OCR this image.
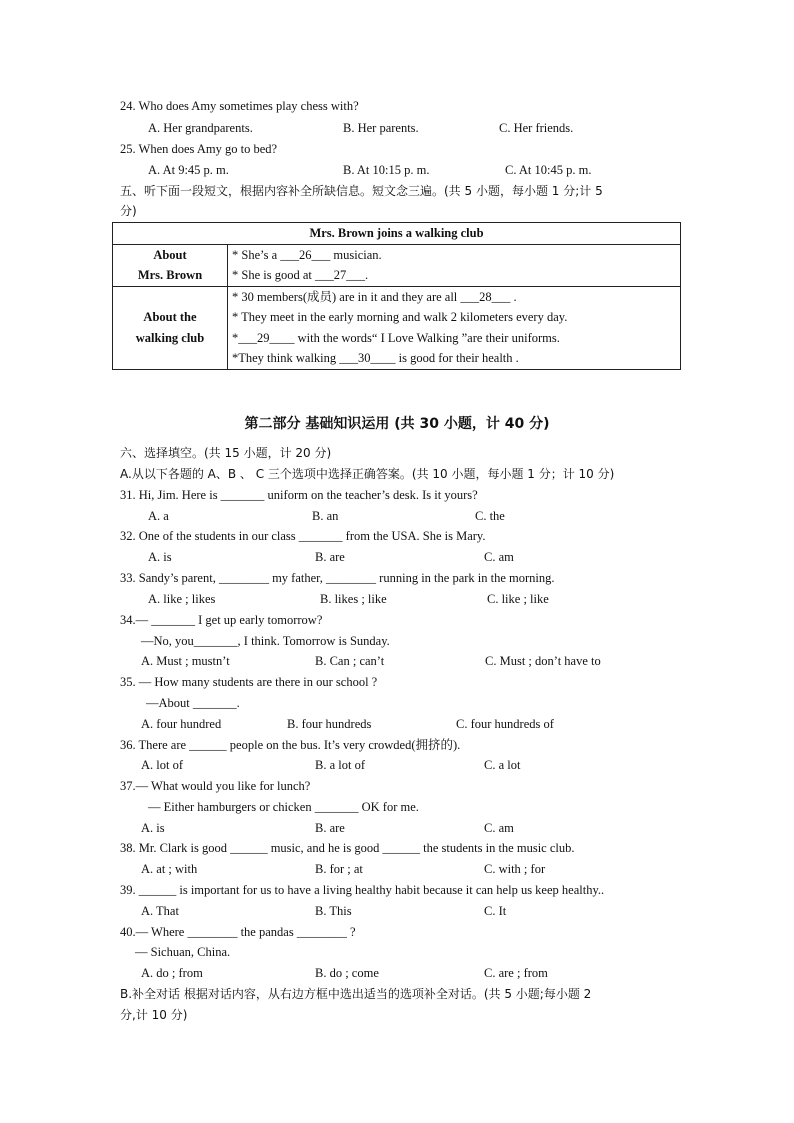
24. Who does Amy sometimes play chess with?
A. Her grandparents.	B. Her parents.	C. Her friends.
25. When does Amy go to bed?
A. At 9:45 p. m.	B. At 10:15 p. m.	C. At 10:45 p. m.
五、听下面一段短文，根据内容补全所缺信息。短文念三遍。(共 5 小题，每小题 1 分;计 5
分)
Mrs. Brown joins a walking club	

About
Mrs. Brown	* She’s a ___26___ musician.
* She is good at ___27___.

About the
walking club	* 30 members(成员) are in it and they are all ___28___ .
* They meet in the early morning and walk 2 kilometers every day.
*___29____ with the words“ I Love Walking ”are their uniforms.
*They think walking ___30____ is good for their health .
第二部分 基础知识运用 (共 30 小题，计 40 分)
六、选择填空。(共 15 小题，计 20 分)
A.从以下各题的 A、B 、 C 三个选项中选择正确答案。(共 10 小题，每小题 1 分；计 10 分)
31. Hi, Jim. Here is _______ uniform on the teacher’s desk. Is it yours?
A. a	B. an	C. the
32. One of the students in our class _______ from the USA. She is Mary.
A. is	B. are	C. am
33. Sandy’s parent, ________ my father, ________ running in the park in the morning.
A. like ; likes	B. likes ; like	C. like ; like
34.— _______ I get up early tomorrow?
—No, you_______, I think. Tomorrow is Sunday.
A. Must ; mustn’t	B. Can ; can’t	C. Must ; don’t have to
35. — How many students are there in our school ?
—About _______.
A. four hundred	B. four hundreds	C. four hundreds of
36. There are ______ people on the bus. It’s very crowded(拥挤的).
A. lot of	B. a lot of	C. a lot
37.— What would you like for lunch?
— Either hamburgers or chicken _______ OK for me.
A. is	B. are	C. am
38. Mr. Clark is good ______ music, and he is good ______ the students in the music club.
A. at ; with	B. for ; at	C. with ; for
39. ______ is important for us to have a living healthy habit because it can help us keep healthy..
A. That	B. This	C. It
40.— Where ________ the pandas ________ ?
— Sichuan, China.
A. do ; from	B. do ; come	C. are ; from
B.补全对话 根据对话内容，从右边方框中选出适当的选项补全对话。(共 5 小题;每小题 2
分,计 10 分)
